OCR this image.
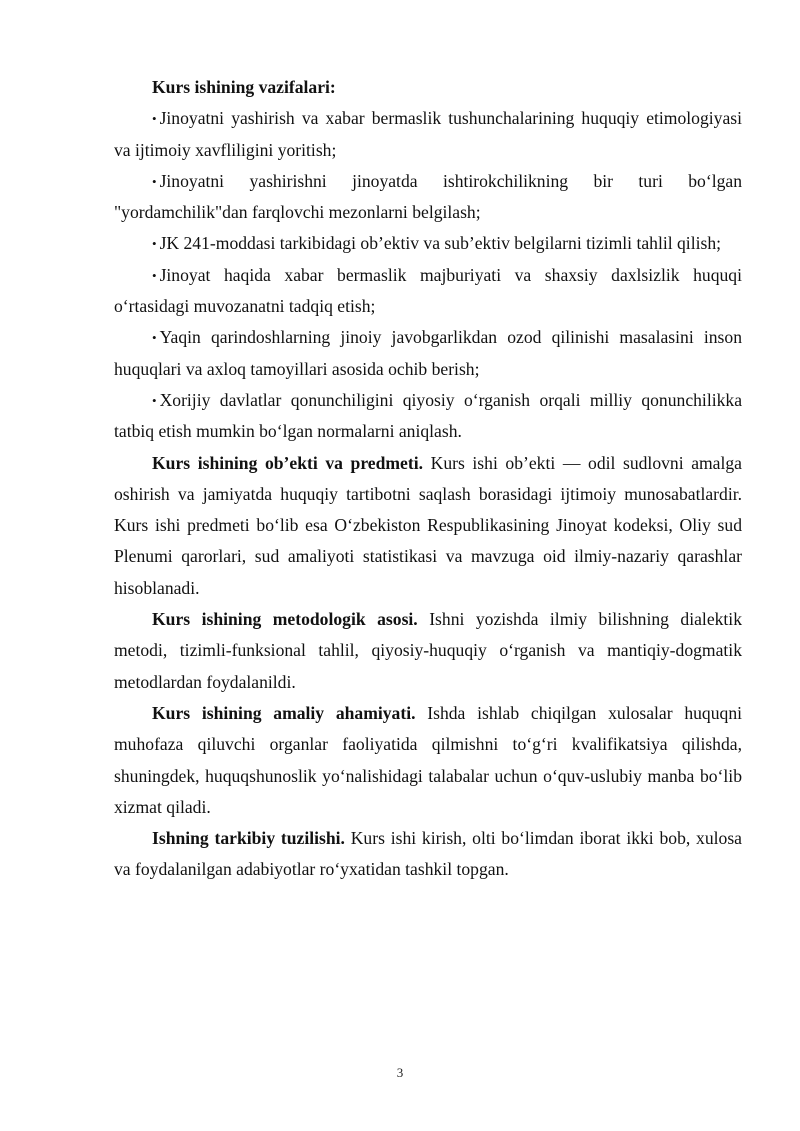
Kurs ishining vazifalari:

• Jinoyatni yashirish va xabar bermaslik tushunchalarining huquqiy etimologiyasi va ijtimoiy xavfliligini yoritish;

• Jinoyatni yashirishni jinoyatda ishtirokchilikning bir turi bo‘lgan "yordamchilik"dan farqlovchi mezonlarni belgilash;

• JK 241-moddasi tarkibidagi ob’ektiv va sub’ektiv belgilarni tizimli tahlil qilish;

• Jinoyat haqida xabar bermaslik majburiyati va shaxsiy daxlsizlik huquqi o‘rtasidagi muvozanatni tadqiq etish;

• Yaqin qarindoshlarning jinoiy javobgarlikdan ozod qilinishi masalasini inson huquqlari va axloq tamoyillari asosida ochib berish;

• Xorijiy davlatlar qonunchiligini qiyosiy o‘rganish orqali milliy qonunchilikka tatbiq etish mumkin bo‘lgan normalarni aniqlash.

Kurs ishining ob’ekti va predmeti. Kurs ishi ob’ekti — odil sudlovni amalga oshirish va jamiyatda huquqiy tartibotni saqlash borasidagi ijtimoiy munosabatlardir. Kurs ishi predmeti bo‘lib esa O‘zbekiston Respublikasining Jinoyat kodeksi, Oliy sud Plenumi qarorlari, sud amaliyoti statistikasi va mavzuga oid ilmiy-nazariy qarashlar hisoblanadi.

Kurs ishining metodologik asosi. Ishni yozishda ilmiy bilishning dialektik metodi, tizimli-funksional tahlil, qiyosiy-huquqiy o‘rganish va mantiqiy-dogmatik metodlardan foydalanildi.

Kurs ishining amaliy ahamiyati. Ishda ishlab chiqilgan xulosalar huquqni muhofaza qiluvchi organlar faoliyatida qilmishni to‘g‘ri kvalifikatsiya qilishda, shuningdek, huquqshunoslik yo‘nalishidagi talabalar uchun o‘quv-uslubiy manba bo‘lib xizmat qiladi.

Ishning tarkibiy tuzilishi. Kurs ishi kirish, olti bo‘limdan iborat ikki bob, xulosa va foydalanilgan adabiyotlar ro‘yxatidan tashkil topgan.

3
